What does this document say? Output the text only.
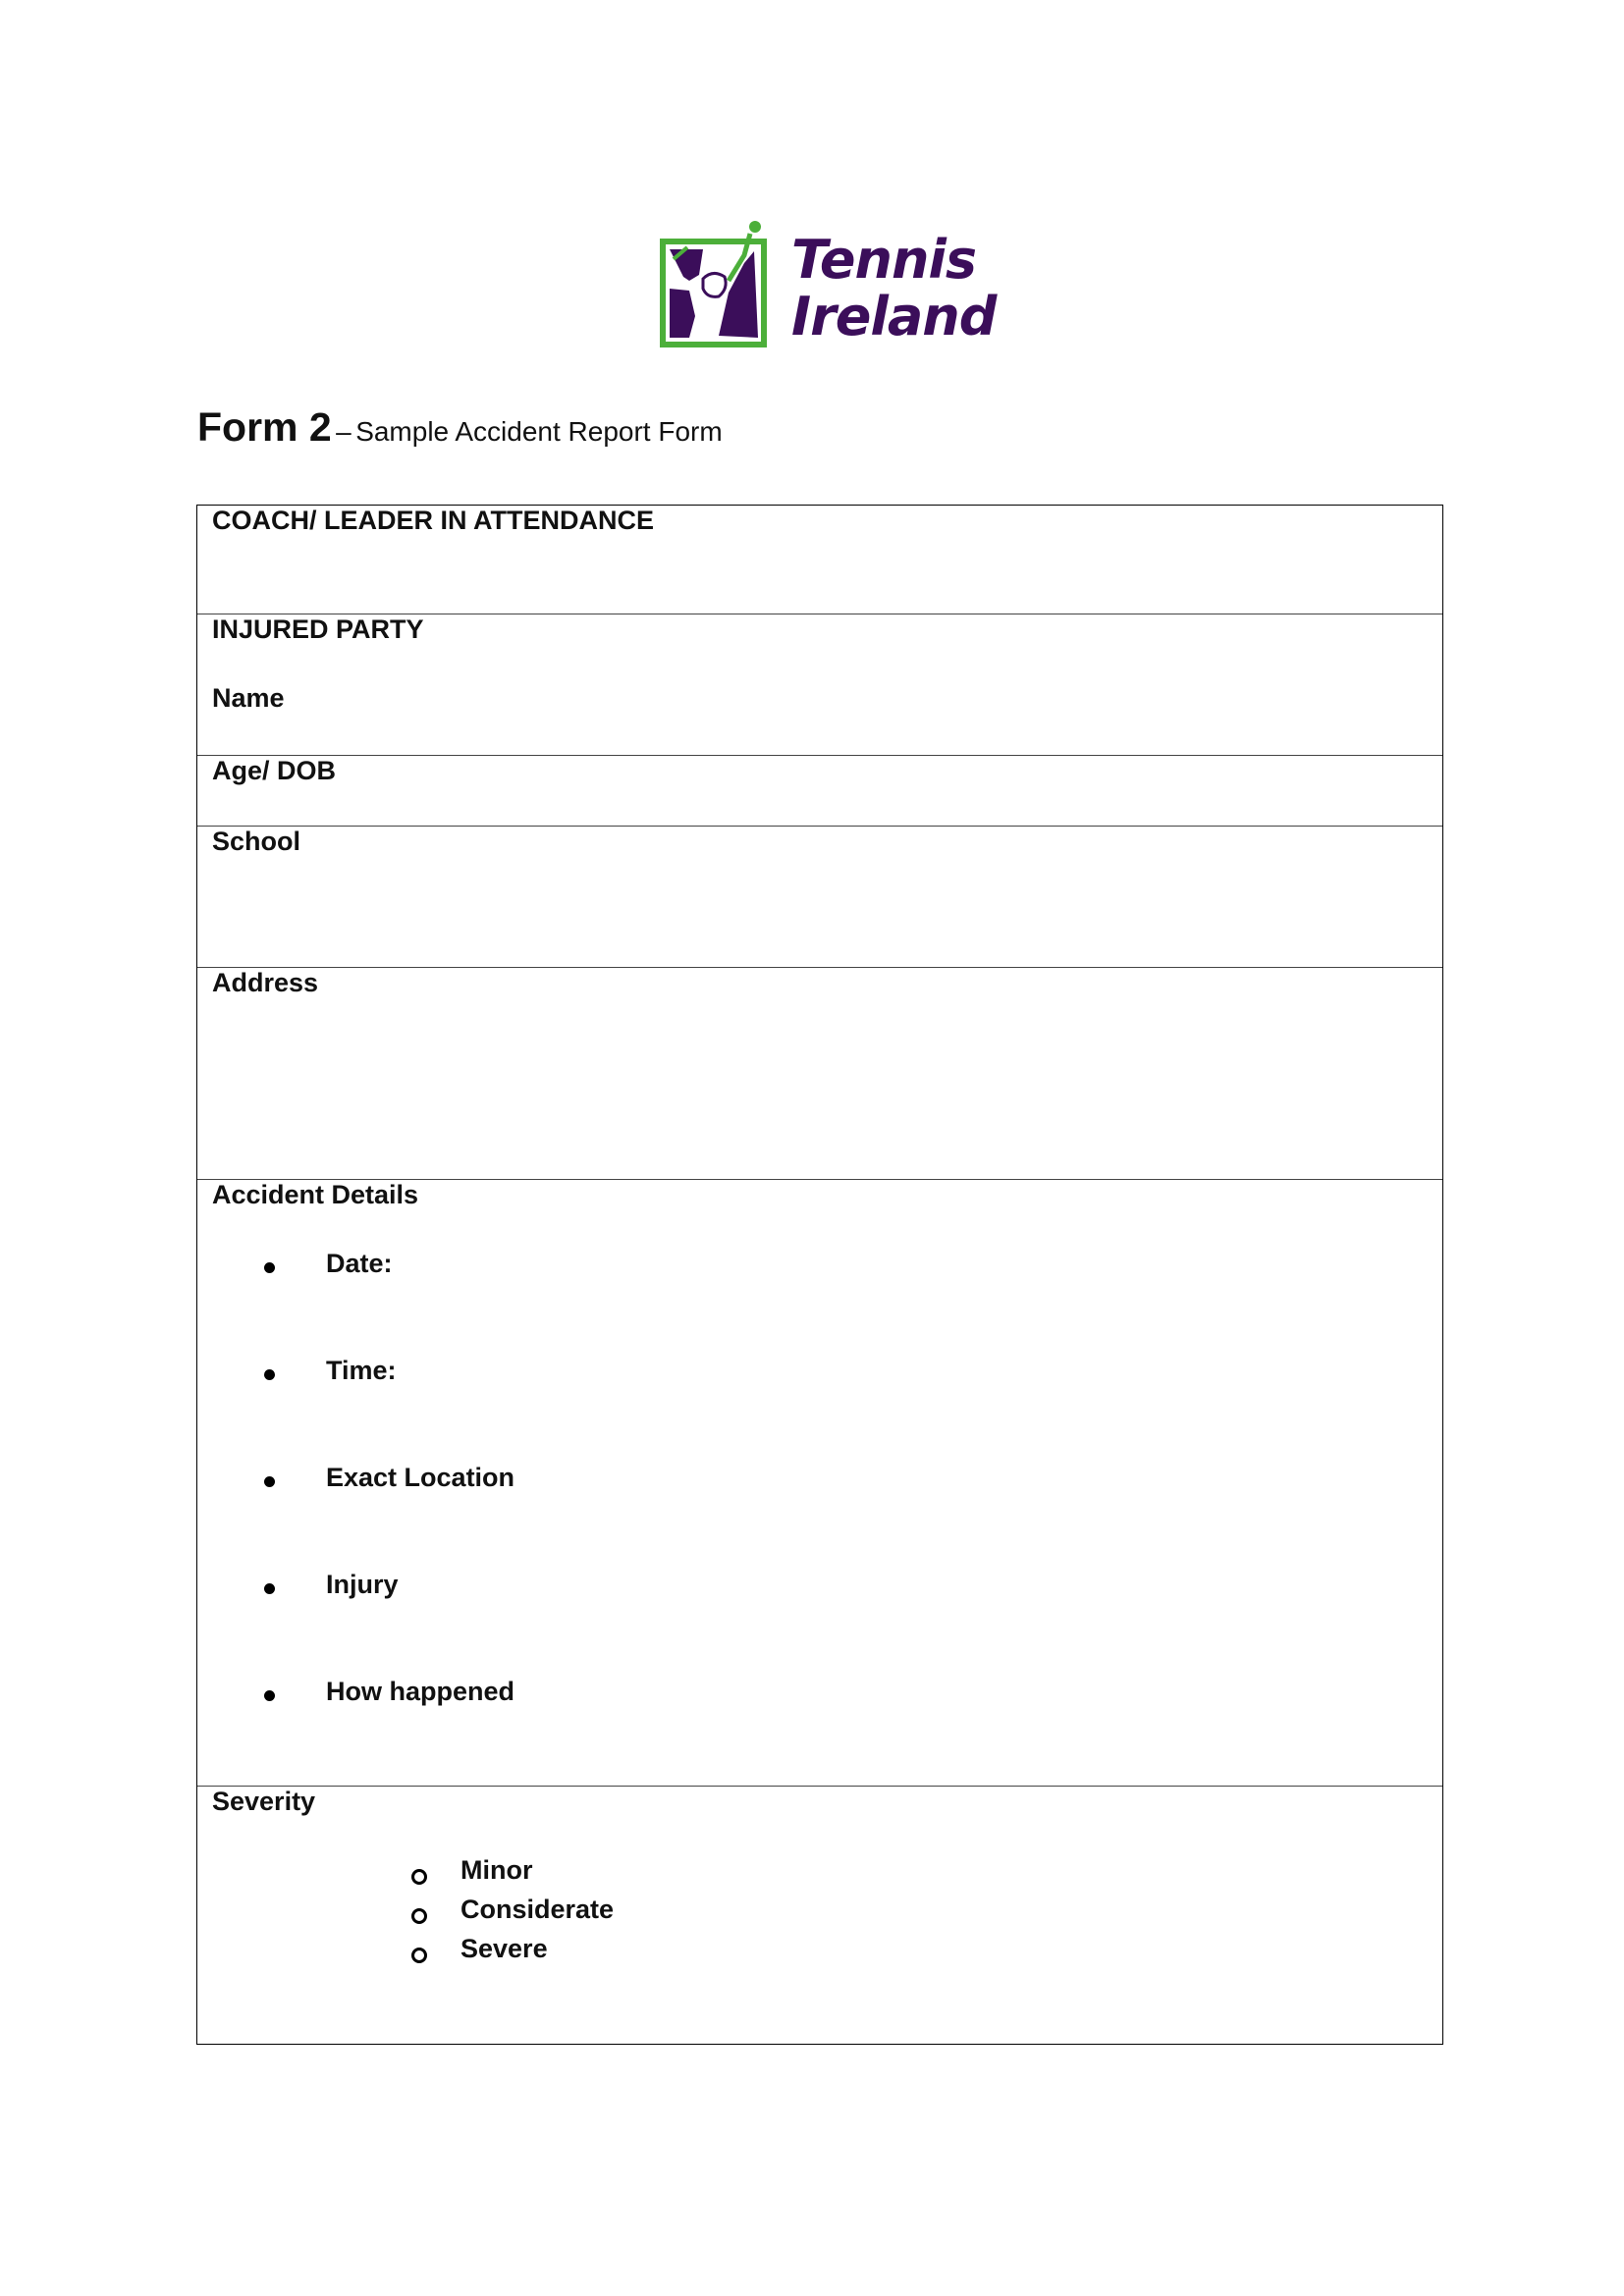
Tennis
Ireland
Form 2 – Sample Accident Report Form
COACH/ LEADER IN ATTENDANCE
INJURED PARTY
Name
Age/ DOB
School
Address
Accident Details
Date:
Time:
Exact Location
Injury
How happened
Severity
Minor
Considerate
Severe
